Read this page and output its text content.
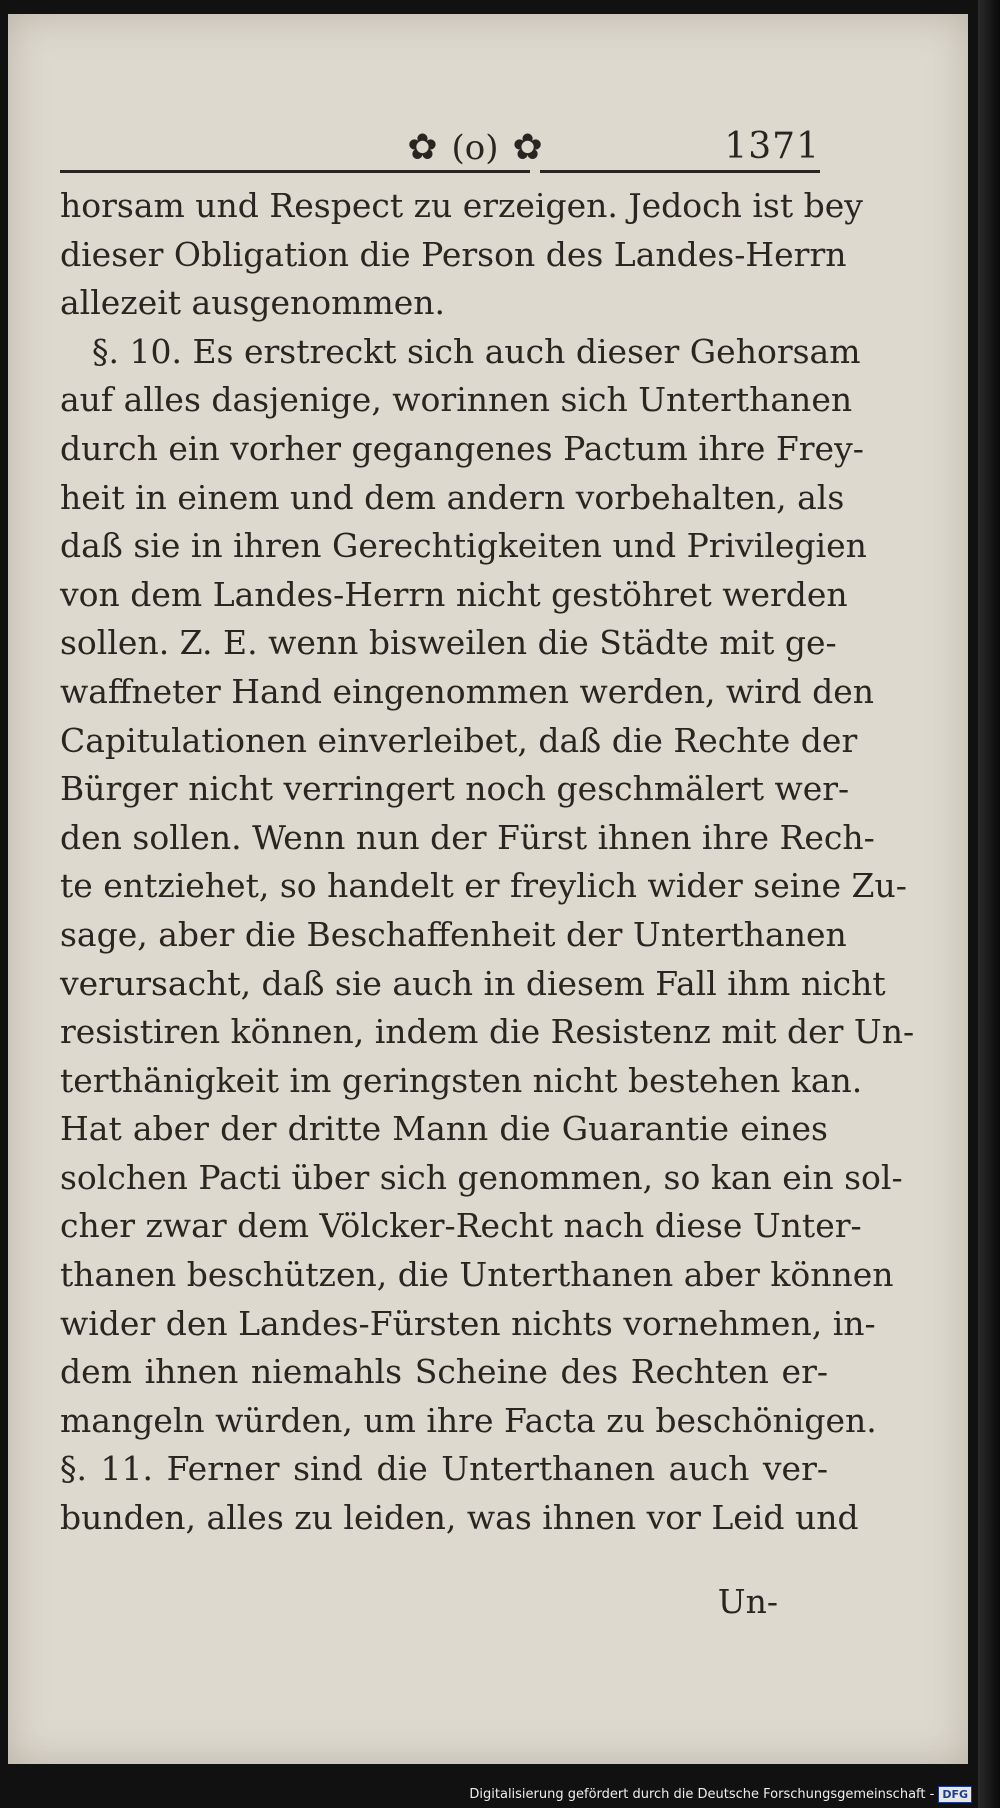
✿ (o) ✿	1371
horsam und Respect zu erzeigen. Jedoch ist bey
dieser Obligation die Person des Landes-Herrn
allezeit ausgenommen.
§. 10. Es erstreckt sich auch dieser Gehorsam
auf alles dasjenige, worinnen sich Unterthanen
durch ein vorher gegangenes Pactum ihre Frey-
heit in einem und dem andern vorbehalten, als
daß sie in ihren Gerechtigkeiten und Privilegien
von dem Landes-Herrn nicht gestöhret werden
sollen. Z. E. wenn bisweilen die Städte mit ge-
waffneter Hand eingenommen werden, wird den
Capitulationen einverleibet, daß die Rechte der
Bürger nicht verringert noch geschmälert wer-
den sollen. Wenn nun der Fürst ihnen ihre Rech-
te entziehet, so handelt er freylich wider seine Zu-
sage, aber die Beschaffenheit der Unterthanen
verursacht, daß sie auch in diesem Fall ihm nicht
resistiren können, indem die Resistenz mit der Un-
terthänigkeit im geringsten nicht bestehen kan.
Hat aber der dritte Mann die Guarantie eines
solchen Pacti über sich genommen, so kan ein sol-
cher zwar dem Völcker-Recht nach diese Unter-
thanen beschützen, die Unterthanen aber können
wider den Landes-Fürsten nichts vornehmen, in-
dem ihnen niemahls Scheine des Rechten er-
mangeln würden, um ihre Facta zu beschönigen.
§. 11. Ferner sind die Unterthanen auch ver-
bunden, alles zu leiden, was ihnen vor Leid und
Un-
Digitalisierung gefördert durch die Deutsche Forschungsgemeinschaft - DFG
